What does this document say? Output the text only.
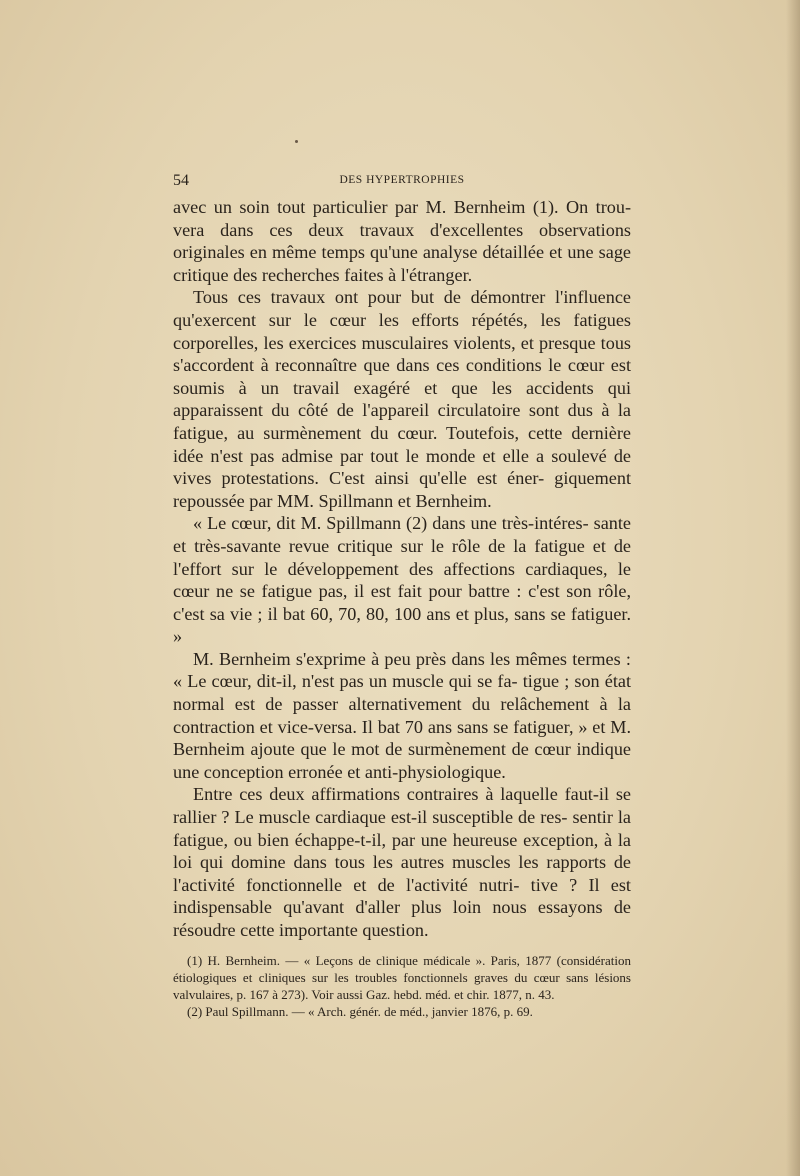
54	DES HYPERTROPHIES

avec un soin tout particulier par M. Bernheim (1). On trou- vera dans ces deux travaux d'excellentes observations originales en même temps qu'une analyse détaillée et une sage critique des recherches faites à l'étranger.

Tous ces travaux ont pour but de démontrer l'influence qu'exercent sur le cœur les efforts répétés, les fatigues corporelles, les exercices musculaires violents, et presque tous s'accordent à reconnaître que dans ces conditions le cœur est soumis à un travail exagéré et que les accidents qui apparaissent du côté de l'appareil circulatoire sont dus à la fatigue, au surmènement du cœur. Toutefois, cette dernière idée n'est pas admise par tout le monde et elle a soulevé de vives protestations. C'est ainsi qu'elle est éner- giquement repoussée par MM. Spillmann et Bernheim.

« Le cœur, dit M. Spillmann (2) dans une très-intéres- sante et très-savante revue critique sur le rôle de la fatigue et de l'effort sur le développement des affections cardiaques, le cœur ne se fatigue pas, il est fait pour battre : c'est son rôle, c'est sa vie ; il bat 60, 70, 80, 100 ans et plus, sans se fatiguer. »

M. Bernheim s'exprime à peu près dans les mêmes termes : « Le cœur, dit-il, n'est pas un muscle qui se fa- tigue ; son état normal est de passer alternativement du relâchement à la contraction et vice-versa. Il bat 70 ans sans se fatiguer, » et M. Bernheim ajoute que le mot de surmènement de cœur indique une conception erronée et anti-physiologique.

Entre ces deux affirmations contraires à laquelle faut-il se rallier ? Le muscle cardiaque est-il susceptible de res- sentir la fatigue, ou bien échappe-t-il, par une heureuse exception, à la loi qui domine dans tous les autres muscles les rapports de l'activité fonctionnelle et de l'activité nutri- tive ? Il est indispensable qu'avant d'aller plus loin nous essayons de résoudre cette importante question.

(1) H. Bernheim. — « Leçons de clinique médicale ». Paris, 1877 (considération étiologiques et cliniques sur les troubles fonctionnels graves du cœur sans lésions valvulaires, p. 167 à 273). Voir aussi Gaz. hebd. méd. et chir. 1877, n. 43.

(2) Paul Spillmann. — « Arch. génér. de méd., janvier 1876, p. 69.
